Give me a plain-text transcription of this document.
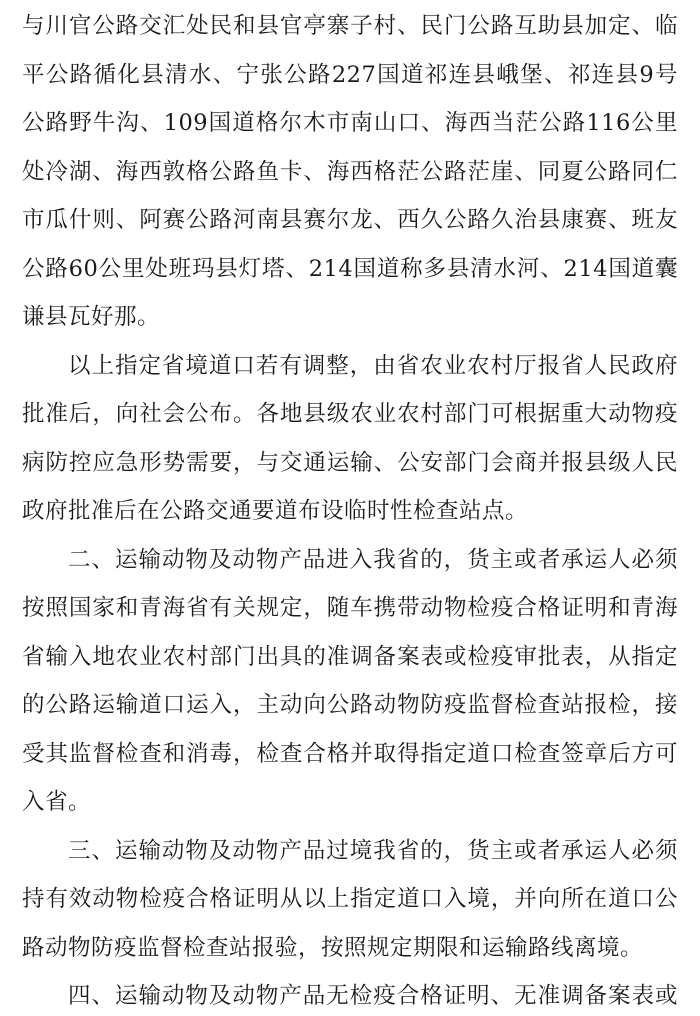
与川官公路交汇处民和县官亭寨子村、民门公路互助县加定、临
平公路循化县清水、宁张公路227国道祁连县峨堡、祁连县9号
公路野牛沟、109国道格尔木市南山口、海西当茫公路116公里
处冷湖、海西敦格公路鱼卡、海西格茫公路茫崖、同夏公路同仁
市瓜什则、阿赛公路河南县赛尔龙、西久公路久治县康赛、班友
公路60公里处班玛县灯塔、214国道称多县清水河、214国道囊
谦县瓦好那。
以上指定省境道口若有调整，由省农业农村厅报省人民政府
批准后，向社会公布。各地县级农业农村部门可根据重大动物疫
病防控应急形势需要，与交通运输、公安部门会商并报县级人民
政府批准后在公路交通要道布设临时性检查站点。
二、运输动物及动物产品进入我省的，货主或者承运人必须
按照国家和青海省有关规定，随车携带动物检疫合格证明和青海
省输入地农业农村部门出具的准调备案表或检疫审批表，从指定
的公路运输道口运入，主动向公路动物防疫监督检查站报检，接
受其监督检查和消毒，检查合格并取得指定道口检查签章后方可
入省。
三、运输动物及动物产品过境我省的，货主或者承运人必须
持有效动物检疫合格证明从以上指定道口入境，并向所在道口公
路动物防疫监督检查站报验，按照规定期限和运输路线离境。
四、运输动物及动物产品无检疫合格证明、无准调备案表或
